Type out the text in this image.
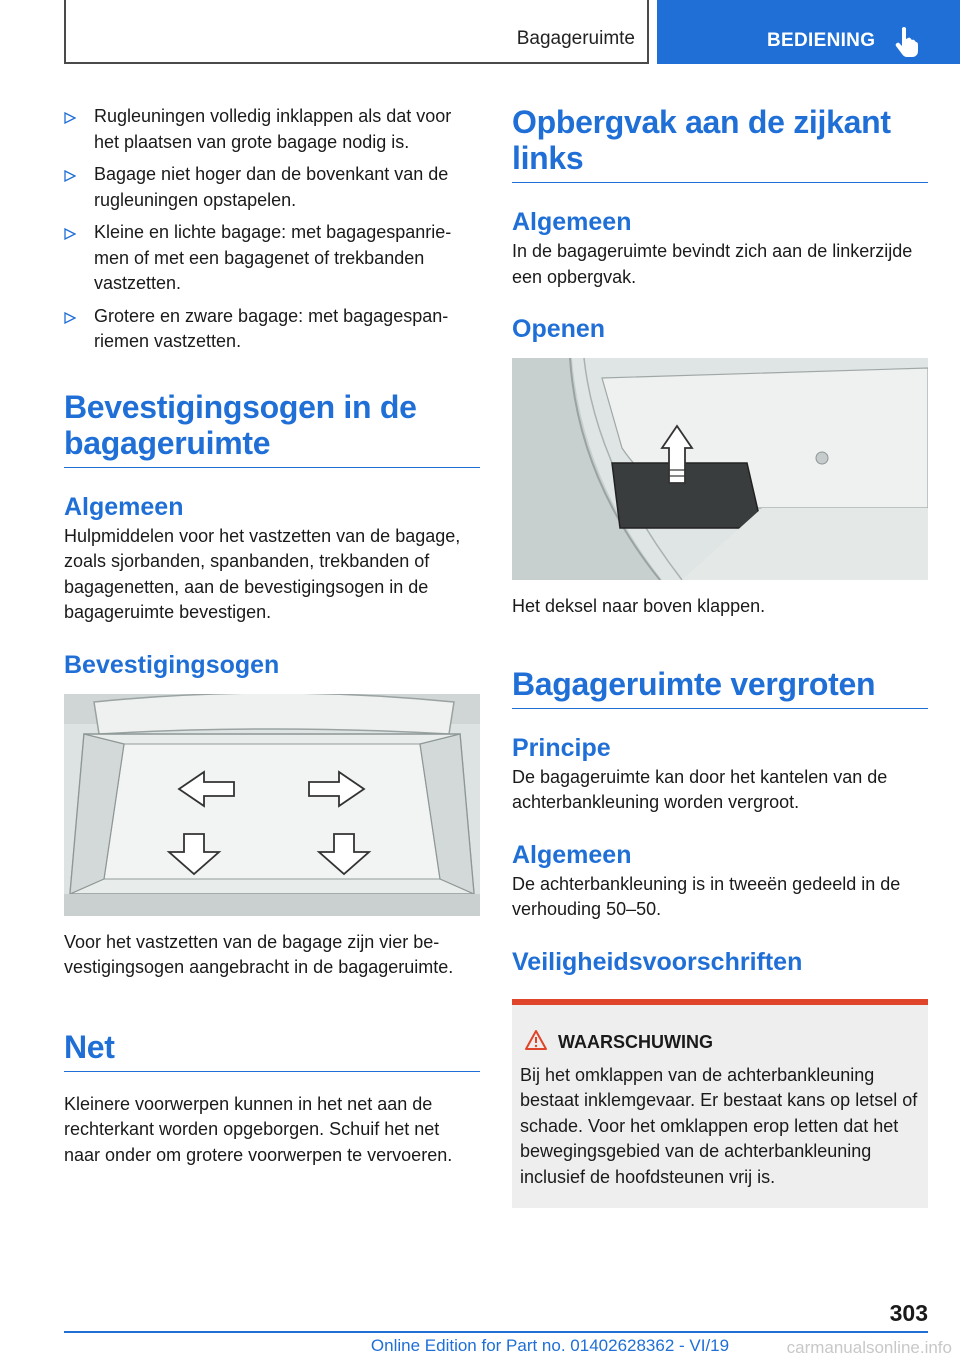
Bagageruimte	BEDIENING
Rugleuningen volledig inklappen als dat voor het plaatsen van grote bagage nodig is.
Bagage niet hoger dan de bovenkant van de rugleuningen opstapelen.
Kleine en lichte bagage: met bagagespanriemen of met een bagagenet of trekbanden vastzetten.
Grotere en zware bagage: met bagagespanriemen vastzetten.
Bevestigingsogen in de bagageruimte
Algemeen

Hulpmiddelen voor het vastzetten van de bagage, zoals sjorbanden, spanbanden, trekbanden of bagagenetten, aan de bevestigingsogen in de bagageruimte bevestigen.

Bevestigingsogen

Voor het vastzetten van de bagage zijn vier bevestigingsogen aangebracht in de bagageruimte.

Net

Kleinere voorwerpen kunnen in het net aan de rechterkant worden opgeborgen. Schuif het net naar onder om grotere voorwerpen te vervoeren.

Opbergvak aan de zijkant links
Algemeen

In de bagageruimte bevindt zich aan de linkerzijde een opbergvak.

Openen

Het deksel naar boven klappen.

Bagageruimte vergroten
Principe

De bagageruimte kan door het kantelen van de achterbankleuning worden vergroot.

Algemeen

De achterbankleuning is in tweeën gedeeld in de verhouding 50–50.

Veiligheidsvoorschriften
WAARSCHUWING

Bij het omklappen van de achterbankleuning bestaat inklemgevaar. Er bestaat kans op letsel of schade. Voor het omklappen erop letten dat het bewegingsgebied van de achterbankleuning inclusief de hoofdsteunen vrij is.

303
Online Edition for Part no. 01402628362 - VI/19	carmanualsonline.info
